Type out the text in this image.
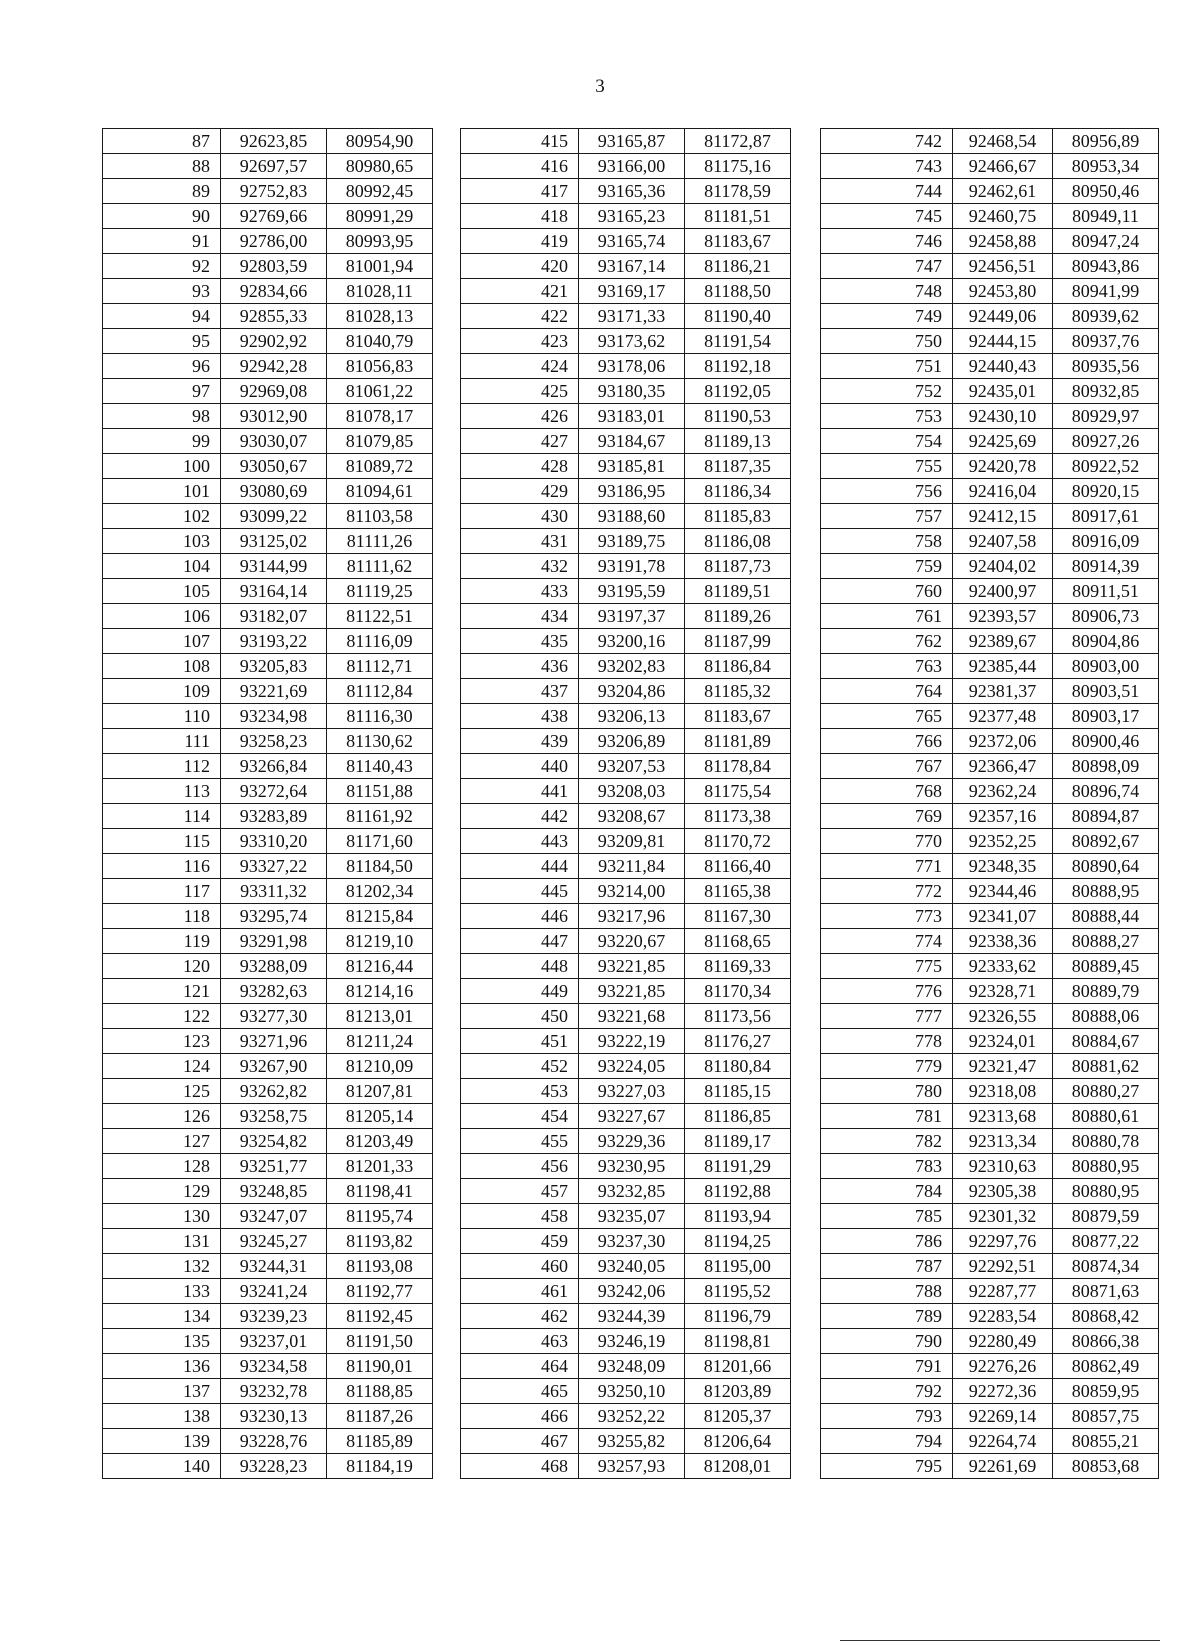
3
87	92623,85	80954,90
88	92697,57	80980,65
89	92752,83	80992,45
90	92769,66	80991,29
91	92786,00	80993,95
92	92803,59	81001,94
93	92834,66	81028,11
94	92855,33	81028,13
95	92902,92	81040,79
96	92942,28	81056,83
97	92969,08	81061,22
98	93012,90	81078,17
99	93030,07	81079,85
100	93050,67	81089,72
101	93080,69	81094,61
102	93099,22	81103,58
103	93125,02	81111,26
104	93144,99	81111,62
105	93164,14	81119,25
106	93182,07	81122,51
107	93193,22	81116,09
108	93205,83	81112,71
109	93221,69	81112,84
110	93234,98	81116,30
111	93258,23	81130,62
112	93266,84	81140,43
113	93272,64	81151,88
114	93283,89	81161,92
115	93310,20	81171,60
116	93327,22	81184,50
117	93311,32	81202,34
118	93295,74	81215,84
119	93291,98	81219,10
120	93288,09	81216,44
121	93282,63	81214,16
122	93277,30	81213,01
123	93271,96	81211,24
124	93267,90	81210,09
125	93262,82	81207,81
126	93258,75	81205,14
127	93254,82	81203,49
128	93251,77	81201,33
129	93248,85	81198,41
130	93247,07	81195,74
131	93245,27	81193,82
132	93244,31	81193,08
133	93241,24	81192,77
134	93239,23	81192,45
135	93237,01	81191,50
136	93234,58	81190,01
137	93232,78	81188,85
138	93230,13	81187,26
139	93228,76	81185,89
140	93228,23	81184,19
415	93165,87	81172,87
416	93166,00	81175,16
417	93165,36	81178,59
418	93165,23	81181,51
419	93165,74	81183,67
420	93167,14	81186,21
421	93169,17	81188,50
422	93171,33	81190,40
423	93173,62	81191,54
424	93178,06	81192,18
425	93180,35	81192,05
426	93183,01	81190,53
427	93184,67	81189,13
428	93185,81	81187,35
429	93186,95	81186,34
430	93188,60	81185,83
431	93189,75	81186,08
432	93191,78	81187,73
433	93195,59	81189,51
434	93197,37	81189,26
435	93200,16	81187,99
436	93202,83	81186,84
437	93204,86	81185,32
438	93206,13	81183,67
439	93206,89	81181,89
440	93207,53	81178,84
441	93208,03	81175,54
442	93208,67	81173,38
443	93209,81	81170,72
444	93211,84	81166,40
445	93214,00	81165,38
446	93217,96	81167,30
447	93220,67	81168,65
448	93221,85	81169,33
449	93221,85	81170,34
450	93221,68	81173,56
451	93222,19	81176,27
452	93224,05	81180,84
453	93227,03	81185,15
454	93227,67	81186,85
455	93229,36	81189,17
456	93230,95	81191,29
457	93232,85	81192,88
458	93235,07	81193,94
459	93237,30	81194,25
460	93240,05	81195,00
461	93242,06	81195,52
462	93244,39	81196,79
463	93246,19	81198,81
464	93248,09	81201,66
465	93250,10	81203,89
466	93252,22	81205,37
467	93255,82	81206,64
468	93257,93	81208,01
742	92468,54	80956,89
743	92466,67	80953,34
744	92462,61	80950,46
745	92460,75	80949,11
746	92458,88	80947,24
747	92456,51	80943,86
748	92453,80	80941,99
749	92449,06	80939,62
750	92444,15	80937,76
751	92440,43	80935,56
752	92435,01	80932,85
753	92430,10	80929,97
754	92425,69	80927,26
755	92420,78	80922,52
756	92416,04	80920,15
757	92412,15	80917,61
758	92407,58	80916,09
759	92404,02	80914,39
760	92400,97	80911,51
761	92393,57	80906,73
762	92389,67	80904,86
763	92385,44	80903,00
764	92381,37	80903,51
765	92377,48	80903,17
766	92372,06	80900,46
767	92366,47	80898,09
768	92362,24	80896,74
769	92357,16	80894,87
770	92352,25	80892,67
771	92348,35	80890,64
772	92344,46	80888,95
773	92341,07	80888,44
774	92338,36	80888,27
775	92333,62	80889,45
776	92328,71	80889,79
777	92326,55	80888,06
778	92324,01	80884,67
779	92321,47	80881,62
780	92318,08	80880,27
781	92313,68	80880,61
782	92313,34	80880,78
783	92310,63	80880,95
784	92305,38	80880,95
785	92301,32	80879,59
786	92297,76	80877,22
787	92292,51	80874,34
788	92287,77	80871,63
789	92283,54	80868,42
790	92280,49	80866,38
791	92276,26	80862,49
792	92272,36	80859,95
793	92269,14	80857,75
794	92264,74	80855,21
795	92261,69	80853,68
